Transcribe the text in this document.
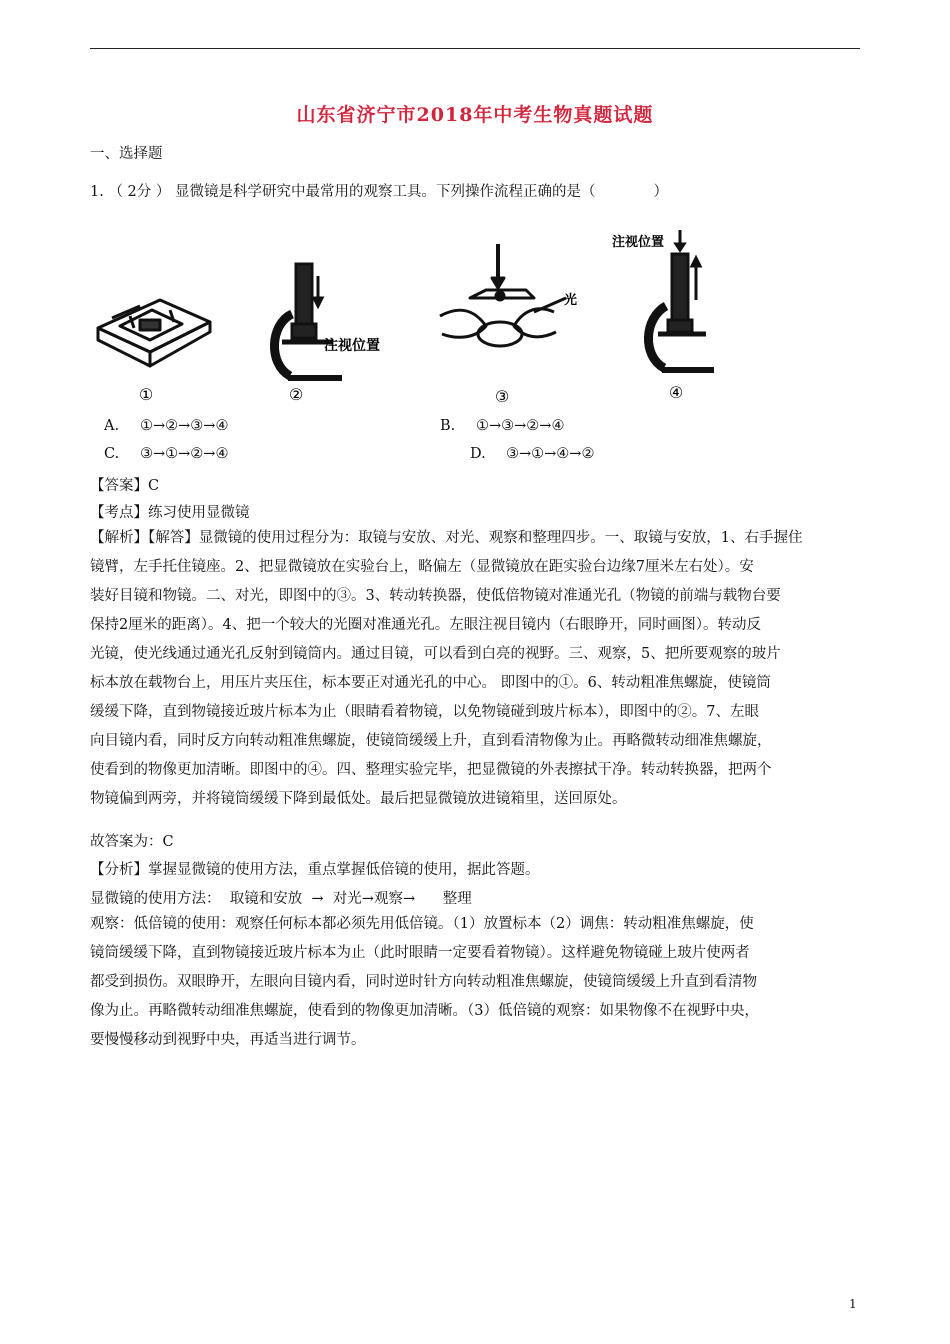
山东省济宁市2018年中考生物真题试题
一、选择题
1. （ 2分 ） 显微镜是科学研究中最常用的观察工具。下列操作流程正确的是（　　　　）
①
注视位置
②
光
③
注视位置
④
A. ①→②→③→④	B. ①→③→②→④
C. ③→①→②→④	D. ③→①→④→②
【答案】C
【考点】练习使用显微镜
【解析】【解答】显微镜的使用过程分为：取镜与安放、对光、观察和整理四步。一、取镜与安放，1、右手握住
镜臂，左手托住镜座。2、把显微镜放在实验台上，略偏左（显微镜放在距实验台边缘7厘米左右处）。安
装好目镜和物镜。二、对光，即图中的③。3、转动转换器，使低倍物镜对准通光孔（物镜的前端与载物台要
保持2厘米的距离）。4、把一个较大的光圈对准通光孔。左眼注视目镜内（右眼睁开，同时画图）。转动反
光镜，使光线通过通光孔反射到镜筒内。通过目镜，可以看到白亮的视野。三、观察，5、把所要观察的玻片
标本放在载物台上，用压片夹压住，标本要正对通光孔的中心。 即图中的①。6、转动粗准焦螺旋，使镜筒
缓缓下降，直到物镜接近玻片标本为止（眼睛看着物镜，以免物镜碰到玻片标本），即图中的②。7、左眼
向目镜内看，同时反方向转动粗准焦螺旋，使镜筒缓缓上升，直到看清物像为止。再略微转动细准焦螺旋，
使看到的物像更加清晰。即图中的④。四、整理实验完毕，把显微镜的外表擦拭干净。转动转换器，把两个
物镜偏到两旁，并将镜筒缓缓下降到最低处。最后把显微镜放进镜箱里，送回原处。
故答案为：C
【分析】掌握显微镜的使用方法，重点掌握低倍镜的使用，据此答题。
显微镜的使用方法：  取镜和安放  →  对光→观察→      整理
观察：低倍镜的使用：观察任何标本都必须先用低倍镜。（1）放置标本（2）调焦：转动粗准焦螺旋，使
镜筒缓缓下降，直到物镜接近玻片标本为止（此时眼睛一定要看着物镜）。这样避免物镜碰上玻片使两者
都受到损伤。双眼睁开，左眼向目镜内看，同时逆时针方向转动粗准焦螺旋，使镜筒缓缓上升直到看清物
像为止。再略微转动细准焦螺旋，使看到的物像更加清晰。（3）低倍镜的观察：如果物像不在视野中央，
要慢慢移动到视野中央，再适当进行调节。
1
